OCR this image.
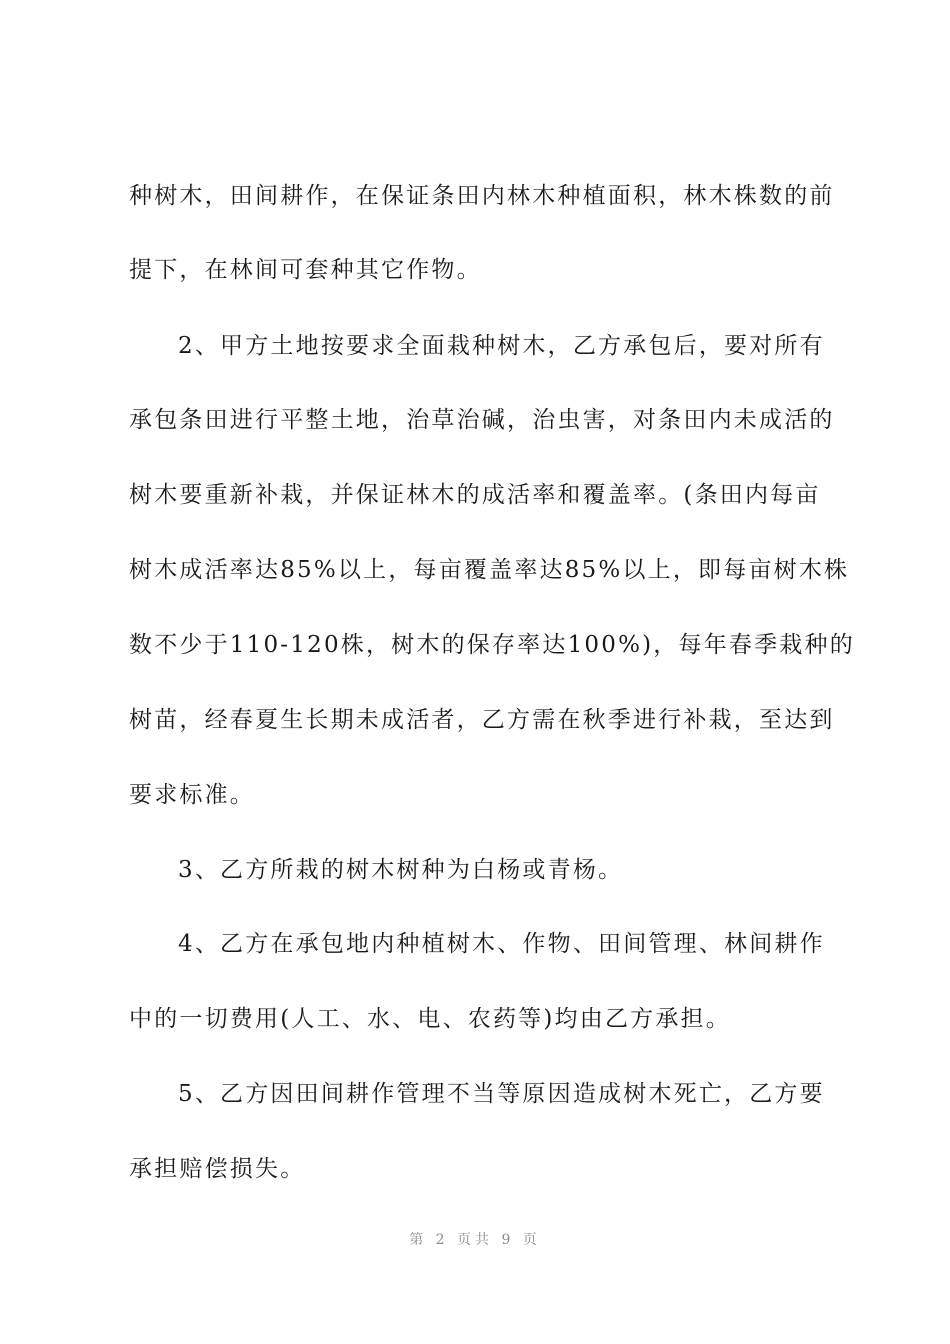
种树木，田间耕作，在保证条田内林木种植面积，林木株数的前
提下，在林间可套种其它作物。
2、甲方土地按要求全面栽种树木，乙方承包后，要对所有
承包条田进行平整土地，治草治碱，治虫害，对条田内未成活的
树木要重新补栽，并保证林木的成活率和覆盖率。(条田内每亩
树木成活率达85%以上，每亩覆盖率达85%以上，即每亩树木株
数不少于110-120株，树木的保存率达100%)，每年春季栽种的
树苗，经春夏生长期未成活者，乙方需在秋季进行补栽，至达到
要求标准。
3、乙方所栽的树木树种为白杨或青杨。
4、乙方在承包地内种植树木、作物、田间管理、林间耕作
中的一切费用(人工、水、电、农药等)均由乙方承担。
5、乙方因田间耕作管理不当等原因造成树木死亡，乙方要
承担赔偿损失。
第 2 页共 9 页
